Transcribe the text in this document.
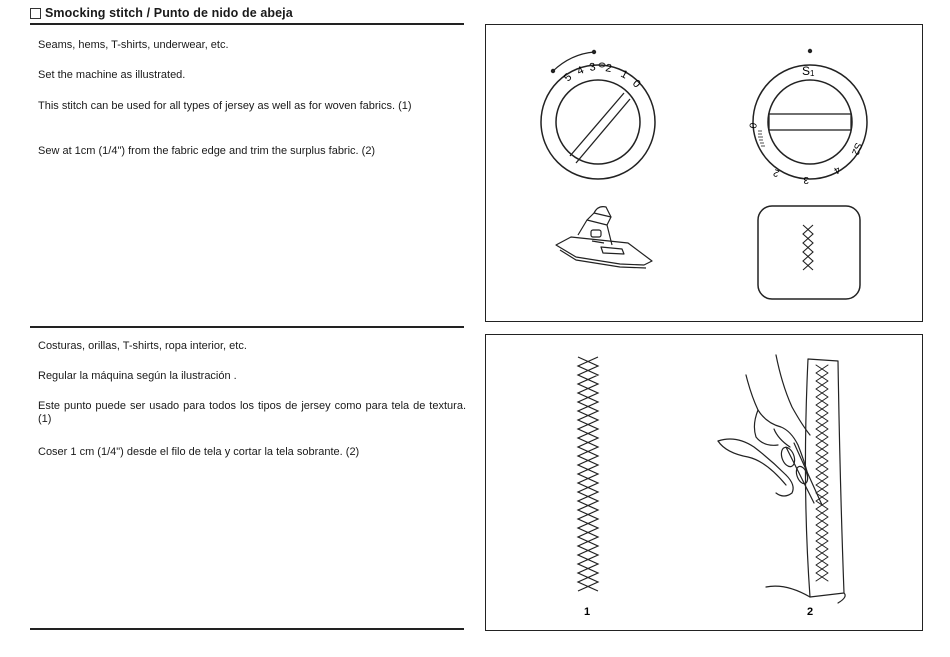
Smocking stitch / Punto de nido de abeja

Seams, hems, T-shirts, underwear, etc.

Set the machine as illustrated.

This stitch can be used for all types of jersey as well as for woven fabrics. (1)

Sew at 1cm (1/4") from the fabric edge and trim the surplus fabric. (2)

Costuras, orillas, T-shirts, ropa interior, etc.

Regular la máquina según la ilustración .

Este punto puede ser usado para todos los tipos de jersey como para tela de textura. (1)

Coser 1 cm (1/4") desde el filo de tela y cortar la tela sobrante. (2)

5 4 3 2 1
0
S1
0
2
3
4
S2
1	2
